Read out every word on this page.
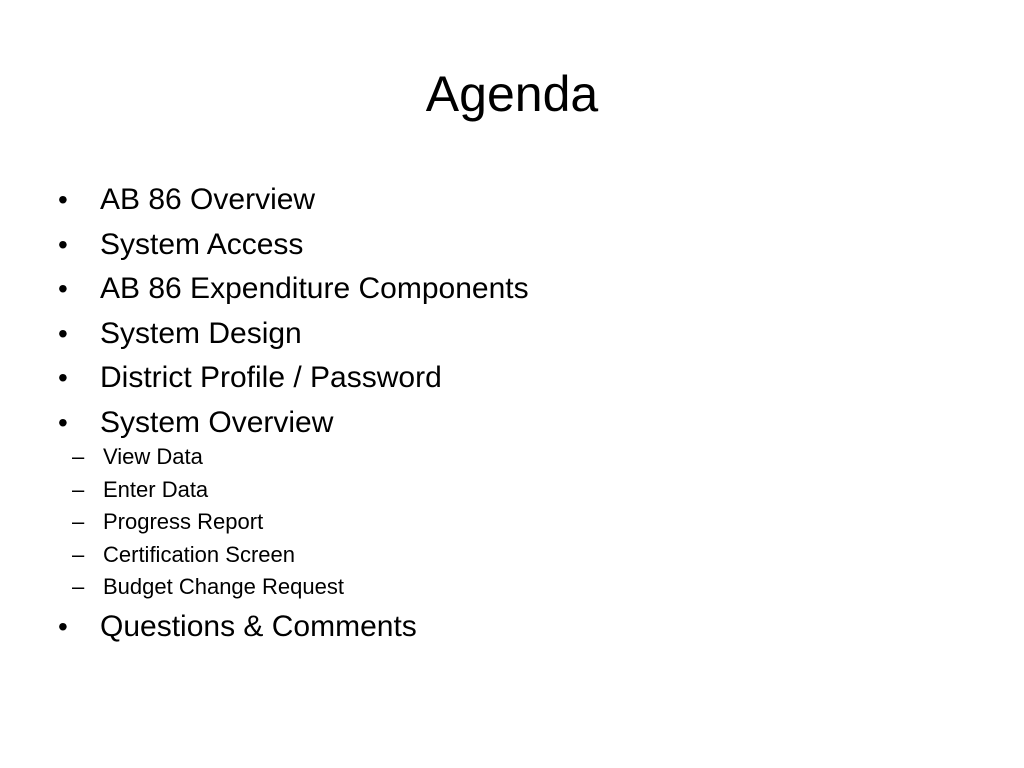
Agenda
•	AB 86 Overview
•	System Access
•	AB 86 Expenditure Components
•	System Design
•	District Profile / Password
•	System Overview
– View Data
– Enter Data
– Progress Report
– Certification Screen
– Budget Change Request
•	Questions & Comments
